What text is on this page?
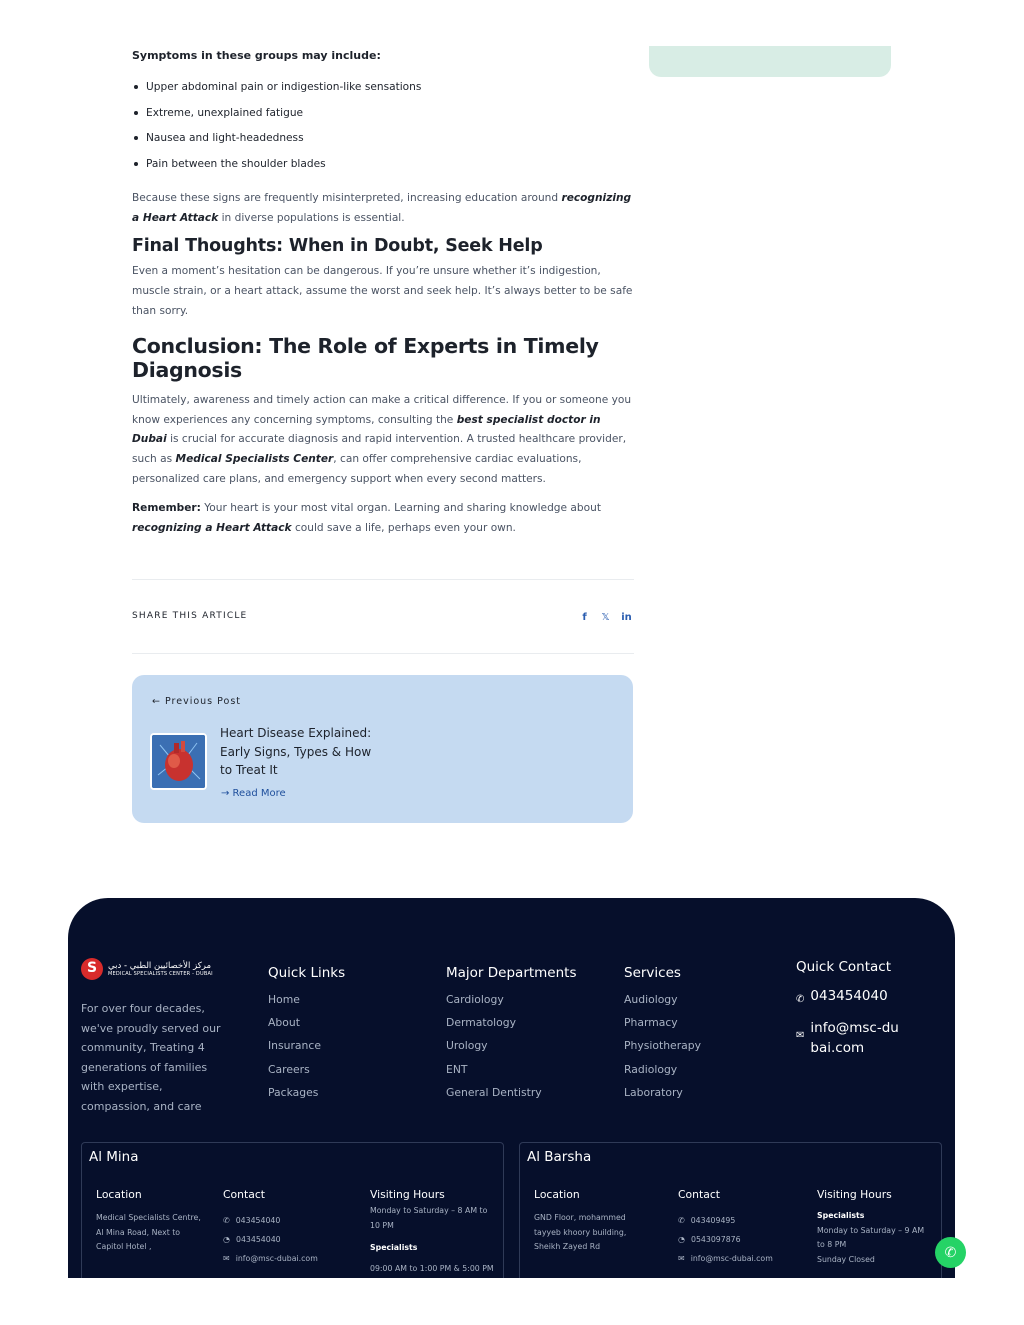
Symptoms in these groups may include:
Upper abdominal pain or indigestion-like sensations
Extreme, unexplained fatigue
Nausea and light-headedness
Pain between the shoulder blades

Because these signs are frequently misinterpreted, increasing education around recognizing a Heart Attack in diverse populations is essential.

Final Thoughts: When in Doubt, Seek Help

Even a moment’s hesitation can be dangerous. If you’re unsure whether it’s indigestion, muscle strain, or a heart attack, assume the worst and seek help. It’s always better to be safe than sorry.

Conclusion: The Role of Experts in Timely Diagnosis

Ultimately, awareness and timely action can make a critical difference. If you or someone you know experiences any concerning symptoms, consulting the best specialist doctor in Dubai is crucial for accurate diagnosis and rapid intervention. A trusted healthcare provider, such as Medical Specialists Center, can offer comprehensive cardiac evaluations, personalized care plans, and emergency support when every second matters.

Remember: Your heart is your most vital organ. Learning and sharing knowledge about recognizing a Heart Attack could save a life, perhaps even your own.

SHARE THIS ARTICLE	f	𝕏 in
← Previous Post
Heart Disease Explained: Early Signs, Types & How to Treat It
→ Read More
S
مركز الأخصائيين الطبي - دبي
MEDICAL SPECIALISTS CENTER - DUBAI

For over four decades, we've proudly served our community, Treating 4 generations of families with expertise, compassion, and care

Quick Links
Home
About
Insurance
Careers
Packages
Major Departments
Cardiology
Dermatology
Urology
ENT
General Dentistry
Services
Audiology
Pharmacy
Physiotherapy
Radiology
Laboratory
Quick Contact
✆ 043454040
✉ info@msc-dubai.com
Al Mina
Location
Medical Specialists Centre, Al Mina Road, Next to Capitol Hotel ,
Contact
✆ 043454040
◔ 043454040
✉ info@msc-dubai.com
Visiting Hours
Monday to Saturday – 8 AM to 10 PM
Specialists
09:00 AM to 1:00 PM & 5:00 PM
Al Barsha
Location
GND Floor, mohammed tayyeb khoory building, Sheikh Zayed Rd
Contact
✆ 043409495
◔ 0543097876
✉ info@msc-dubai.com
Visiting Hours
Specialists
Monday to Saturday – 9 AM to 8 PM
Sunday Closed	✆
